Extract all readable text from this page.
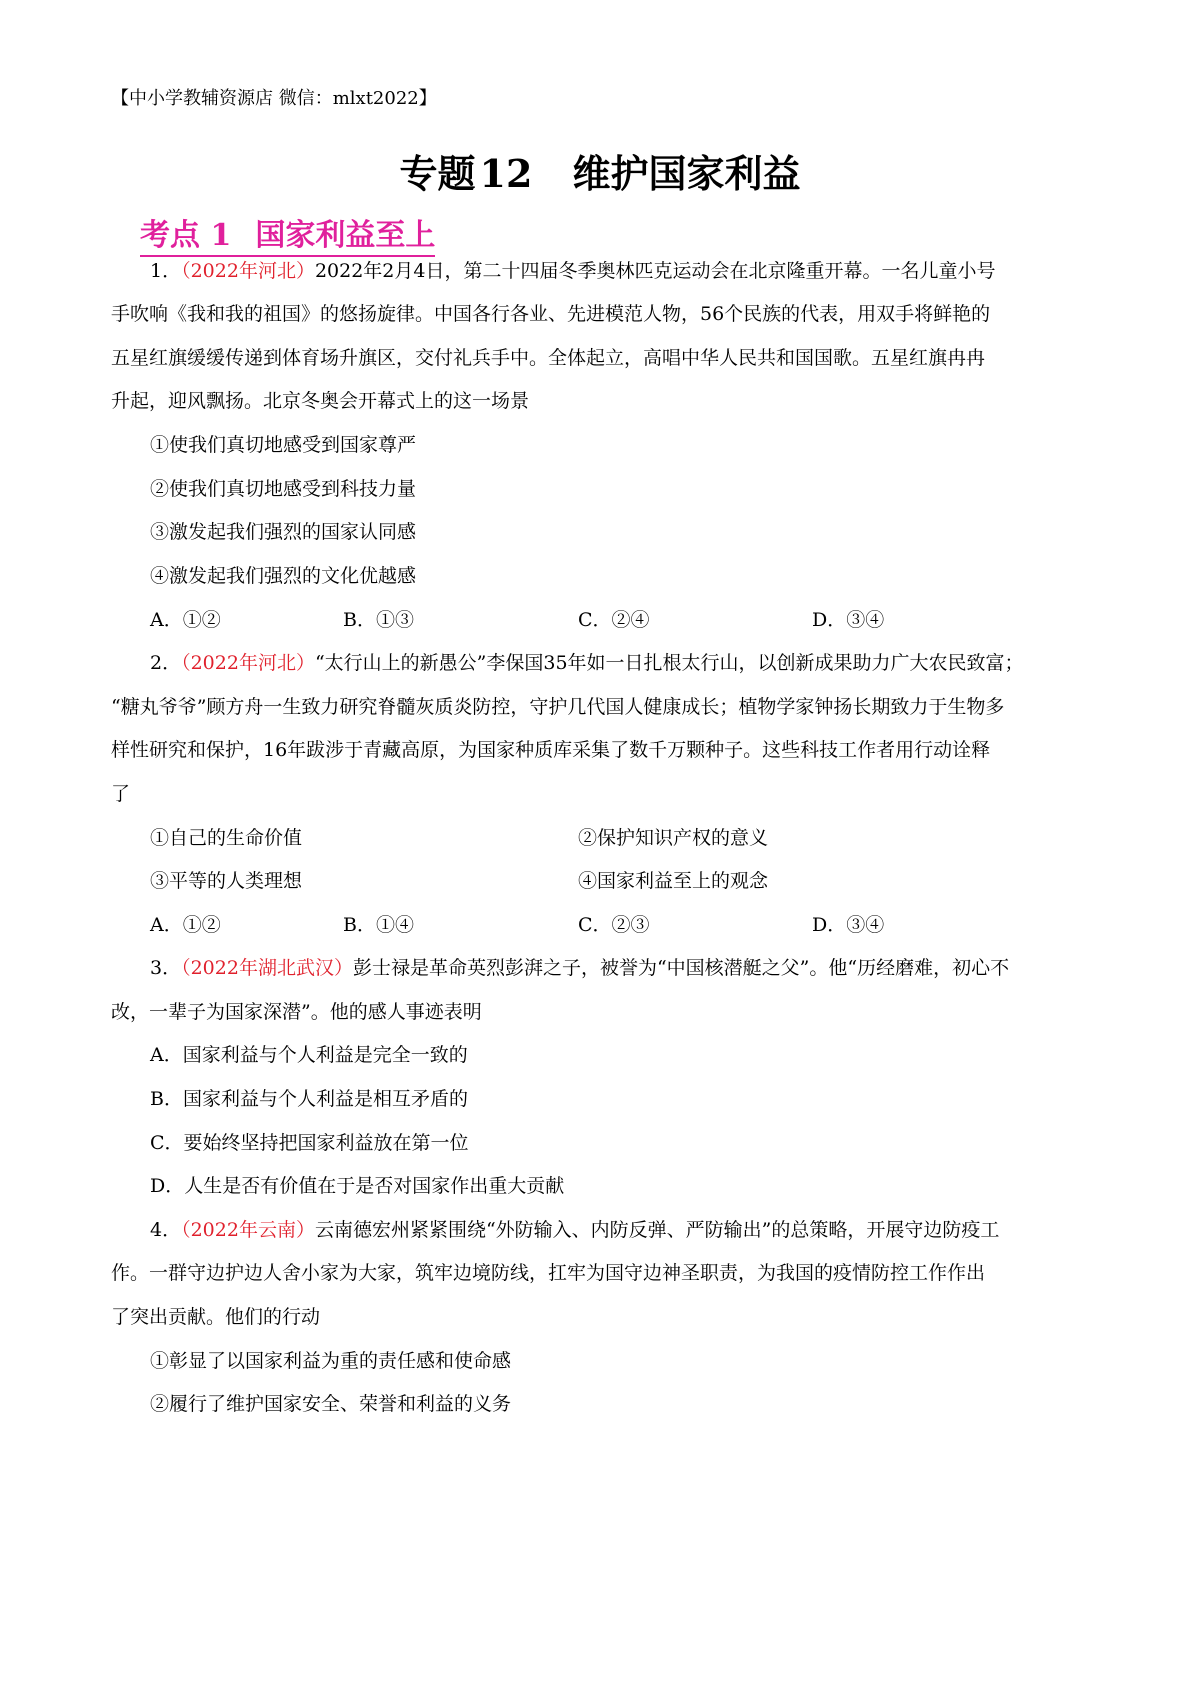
【中小学教辅资源店 微信：mlxt2022】
专题 12 维护国家利益
考点 1 国家利益至上
1．（2022年河北）2022年2月4日，第二十四届冬季奥林匹克运动会在北京隆重开幕。一名儿童小号
手吹响《我和我的祖国》的悠扬旋律。中国各行各业、先进模范人物，56个民族的代表，用双手将鲜艳的
五星红旗缓缓传递到体育场升旗区，交付礼兵手中。全体起立，高唱中华人民共和国国歌。五星红旗冉冉
升起，迎风飘扬。北京冬奥会开幕式上的这一场景
①使我们真切地感受到国家尊严
②使我们真切地感受到科技力量
③激发起我们强烈的国家认同感
④激发起我们强烈的文化优越感
A．①②	B．①③	C．②④	D．③④
2．（2022年河北）“太行山上的新愚公”李保国35年如一日扎根太行山，以创新成果助力广大农民致富；
“糖丸爷爷”顾方舟一生致力研究脊髓灰质炎防控，守护几代国人健康成长；植物学家钟扬长期致力于生物多
样性研究和保护，16年跋涉于青藏高原，为国家种质库采集了数千万颗种子。这些科技工作者用行动诠释
了
①自己的生命价值	②保护知识产权的意义
③平等的人类理想	④国家利益至上的观念
A．①②	B．①④	C．②③	D．③④
3．（2022年湖北武汉）彭士禄是革命英烈彭湃之子，被誉为“中国核潜艇之父”。他“历经磨难，初心不
改，一辈子为国家深潜”。他的感人事迹表明
A．国家利益与个人利益是完全一致的
B．国家利益与个人利益是相互矛盾的
C．要始终坚持把国家利益放在第一位
D．人生是否有价值在于是否对国家作出重大贡献
4．（2022年云南）云南德宏州紧紧围绕“外防输入、内防反弹、严防输出”的总策略，开展守边防疫工
作。一群守边护边人舍小家为大家，筑牢边境防线，扛牢为国守边神圣职责，为我国的疫情防控工作作出
了突出贡献。他们的行动
①彰显了以国家利益为重的责任感和使命感
②履行了维护国家安全、荣誉和利益的义务
